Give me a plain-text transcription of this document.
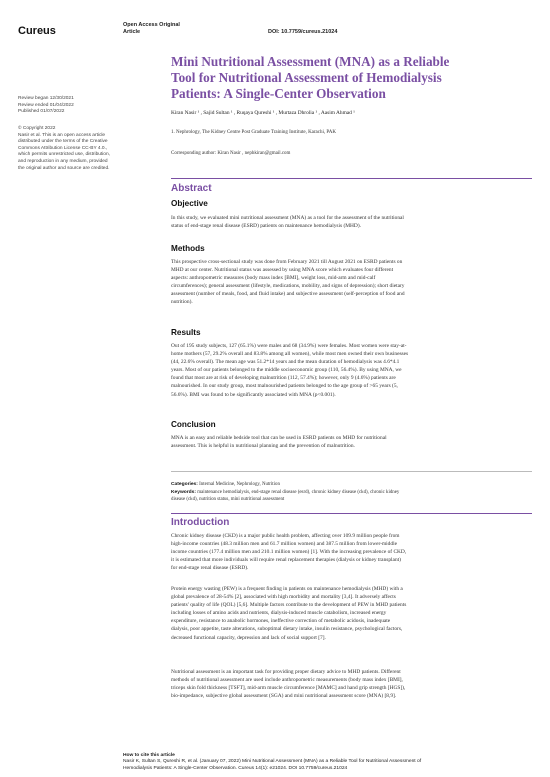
Open Access Original
Article	DOI: 10.7759/cureus.21024
Cureus
Mini Nutritional Assessment (MNA) as a Reliable
Tool for Nutritional Assessment of Hemodialysis
Patients: A Single-Center Observation
Review began 12/30/2021
Review ended 01/04/2022
Published 01/07/2022
© Copyright 2022
Nasir et al. This is an open access article
distributed under the terms of the Creative
Commons Attribution License CC-BY 4.0.,
which permits unrestricted use, distribution,
and reproduction in any medium, provided
the original author and source are credited.
Kiran Nasir ¹ , Sajid Sultan ¹ , Ruqaya Qureshi ¹ , Murtaza Dhrolia ¹ , Aasim Ahmad ¹
1. Nephrology, The Kidney Centre Post Graduate Training Institute, Karachi, PAK
Corresponding author: Kiran Nasir , nephkiran@gmail.com
Abstract
Objective
In this study, we evaluated mini nutritional assessment (MNA) as a tool for the assessment of the nutritional
status of end-stage renal disease (ESRD) patients on maintenance hemodialysis (MHD).
Methods
This prospective cross-sectional study was done from February 2021 till August 2021 on ESRD patients on
MHD at our center. Nutritional status was assessed by using MNA score which evaluates four different
aspects: anthropometric measures (body mass index [BMI], weight loss, mid-arm and mid-calf
circumferences); general assessment (lifestyle, medications, mobility, and signs of depression); short dietary
assessment (number of meals, food, and fluid intake) and subjective assessment (self-perception of food and
nutrition).
Results
Out of 195 study subjects, 127 (65.1%) were males and 68 (34.9%) were females. Most women were stay-at-
home mothers (57, 29.2% overall and 83.8% among all women), while most men owned their own businesses
(44, 22.6% overall). The mean age was 51.2*14 years and the mean duration of hemodialysis was 4.6*4.1
years. Most of our patients belonged to the middle socioeconomic group (110, 56.4%). By using MNA, we
found that most are at risk of developing malnutrition (112, 57.4%); however, only 9 (4.6%) patients are
malnourished. In our study group, most malnourished patients belonged to the age group of >65 years (5,
56.6%). BMI was found to be significantly associated with MNA (p<0.001).
Conclusion
MNA is an easy and reliable bedside tool that can be used in ESRD patients on MHD for nutritional
assessment. This is helpful in nutritional planning and the prevention of malnutrition.
Categories: Internal Medicine, Nephrology, Nutrition
Keywords: maintenance hemodialysis, end-stage renal disease (esrd), chronic kidney disease (ckd), chronic kidney
disease (ckd), nutrition status, mini nutritional assessment
Introduction
Chronic kidney disease (CKD) is a major public health problem, affecting over 109.9 million people from
high-income countries (48.3 million men and 61.7 million women) and 387.5 million from lower-middle
income countries (177.4 million men and 210.1 million women) [1]. With the increasing prevalence of CKD,
it is estimated that more individuals will require renal replacement therapies (dialysis or kidney transplant)
for end-stage renal disease (ESRD).
Protein energy wasting (PEW) is a frequent finding in patients on maintenance hemodialysis (MHD) with a
global prevalence of 28-54% [2], associated with high morbidity and mortality [3,4]. It adversely affects
patients' quality of life (QOL) [5,6]. Multiple factors contribute to the development of PEW in MHD patients
including losses of amino acids and nutrients, dialysis-induced muscle catabolism, increased energy
expenditure, resistance to anabolic hormones, ineffective correction of metabolic acidosis, inadequate
dialysis, poor appetite, taste alterations, suboptimal dietary intake, insulin resistance, psychological factors,
decreased functional capacity, depression and lack of social support [7].
Nutritional assessment is an important task for providing proper dietary advice to MHD patients. Different
methods of nutritional assessment are used include anthropometric measurements (body mass index [BMI],
triceps skin fold thickness [TSFT], mid-arm muscle circumference [MAMC] and hand grip strength [HGS]),
bio-impedance, subjective global assessment (SGA) and mini nutritional assessment score (MNA) [8,9].
How to cite this article
Nasir K, Sultan S, Qureshi R, et al. (January 07, 2022) Mini Nutritional Assessment (MNA) as a Reliable Tool for Nutritional Assessment of
Hemodialysis Patients: A Single-Center Observation. Cureus 14(1): e21024. DOI 10.7759/cureus.21024
